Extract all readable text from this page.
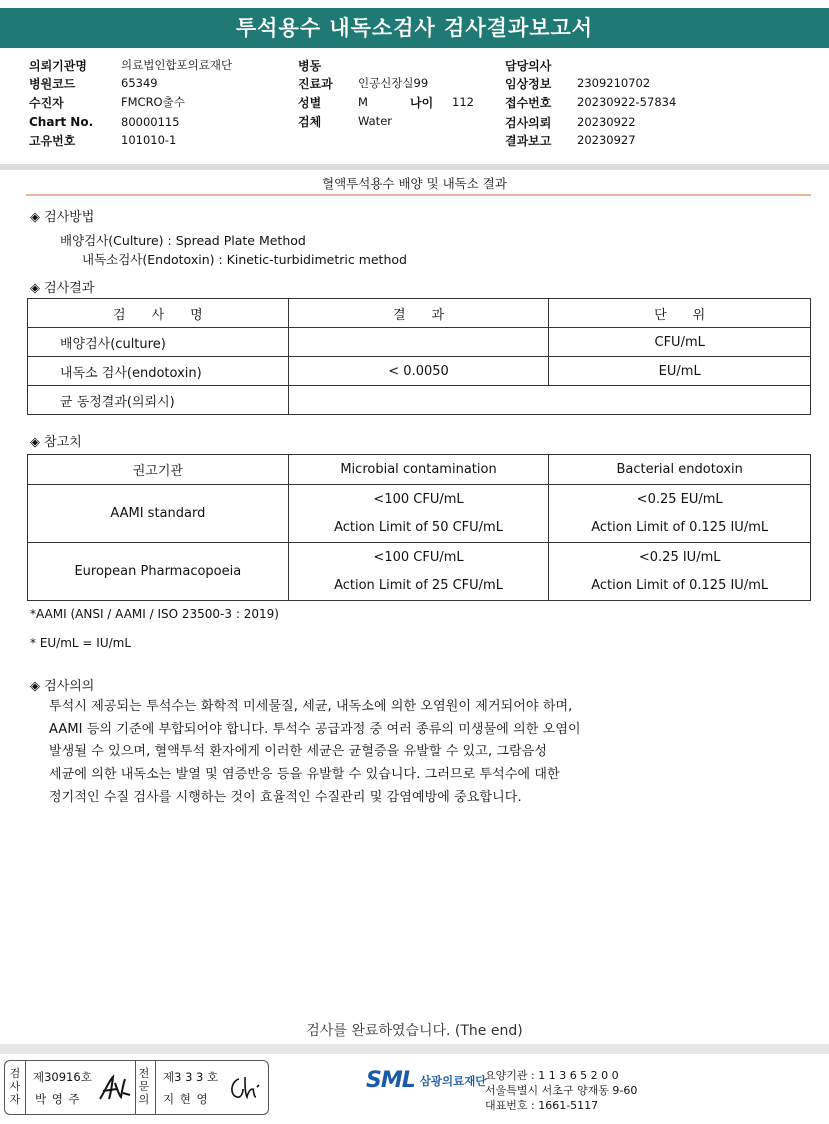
투석용수 내독소검사 검사결과보고서
의뢰기관명	의료법인합포의료재단
병원코드	65349
수진자	FMCRO출수
Chart No.	80000115
고유번호	101010-1
병동
진료과	인공신장실99
성별	M	나이	112
검체	Water
담당의사
임상정보	2309210702
접수번호	20230922-57834
검사의뢰	20230922
결과보고	20230927
혈액투석용수 배양 및 내독소 결과
◈ 검사방법
배양검사(Culture) : Spread Plate Method
내독소검사(Endotoxin) : Kinetic-turbidimetric method
◈ 검사결과
검　　사　　명	결　　과	단　　위
배양검사(culture)		CFU/mL
내독소 검사(endotoxin)	< 0.0050	EU/mL
균 동정결과(의뢰시)		
◈ 참고치
권고기관	Microbial contamination	Bacterial endotoxin
AAMI standard	<100 CFU/mL	<0.25 EU/mL
	Action Limit of 50 CFU/mL	Action Limit of 0.125 IU/mL
European Pharmacopoeia	<100 CFU/mL	<0.25 IU/mL
	Action Limit of 25 CFU/mL	Action Limit of 0.125 IU/mL
*AAMI (ANSI / AAMI / ISO 23500-3 : 2019)
* EU/mL = IU/mL
◈ 검사의의
투석시 제공되는 투석수는 화학적 미세물질, 세균, 내독소에 의한 오염원이 제거되어야 하며,
AAMI 등의 기준에 부합되어야 합니다. 투석수 공급과정 중 여러 종류의 미생물에 의한 오염이
발생될 수 있으며, 혈액투석 환자에게 이러한 세균은 균혈증을 유발할 수 있고, 그람음성
세균에 의한 내독소는 발열 및 염증반응 등을 유발할 수 있습니다. 그러므로 투석수에 대한
정기적인 수질 검사를 시행하는 것이 효율적인 수질관리 및 감염예방에 중요합니다.
검사를 완료하였습니다. (The end)
검
사
자
제30916호
박 영 주
전
문
의
제3 3 3 호
지 현 영
SML 삼광의료재단
요양기관 : 1 1 3 6 5 2 0 0
서울특별시 서초구 양재동 9-60
대표번호 : 1661-5117
